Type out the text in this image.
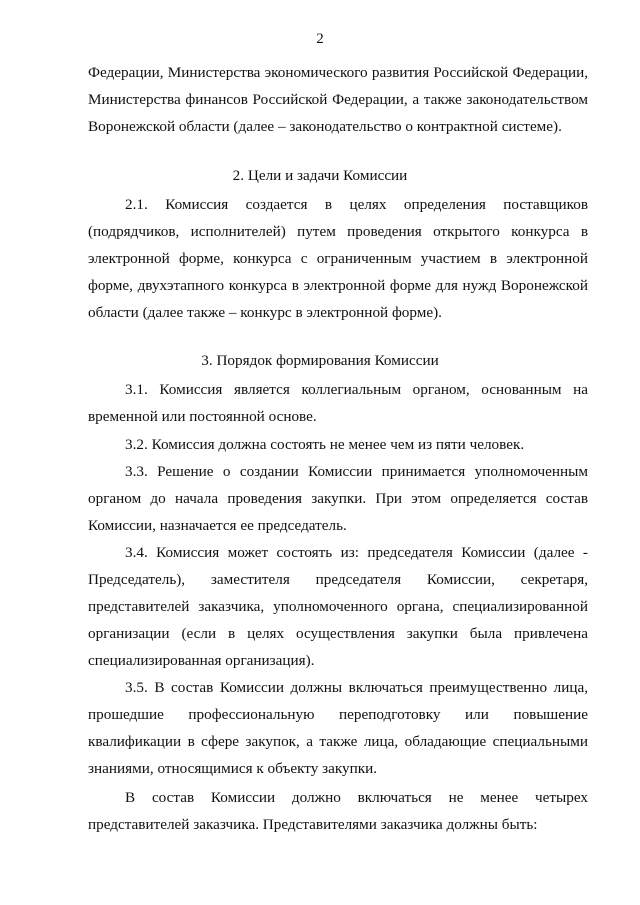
2
Федерации, Министерства экономического развития Российской Федерации,
Министерства финансов Российской Федерации, а также законодательством
Воронежской области (далее – законодательство о контрактной системе).
2. Цели и задачи Комиссии
2.1. Комиссия создается в целях определения поставщиков
(подрядчиков, исполнителей) путем проведения открытого конкурса в
электронной форме, конкурса с ограниченным участием в электронной
форме, двухэтапного конкурса в электронной форме для нужд Воронежской
области (далее также – конкурс в электронной форме).
3. Порядок формирования Комиссии
3.1. Комиссия является коллегиальным органом, основанным на
временной или постоянной основе.
3.2. Комиссия должна состоять не менее чем из пяти человек.
3.3. Решение о создании Комиссии принимается уполномоченным
органом до начала проведения закупки. При этом определяется состав
Комиссии, назначается ее председатель.
3.4. Комиссия может состоять из: председателя Комиссии (далее -
Председатель), заместителя председателя Комиссии, секретаря,
представителей заказчика, уполномоченного органа, специализированной
организации (если в целях осуществления закупки была привлечена
специализированная организация).
3.5. В состав Комиссии должны включаться преимущественно лица,
прошедшие профессиональную переподготовку или повышение
квалификации в сфере закупок, а также лица, обладающие специальными
знаниями, относящимися к объекту закупки.
В состав Комиссии должно включаться не менее четырех
представителей заказчика. Представителями заказчика должны быть:
